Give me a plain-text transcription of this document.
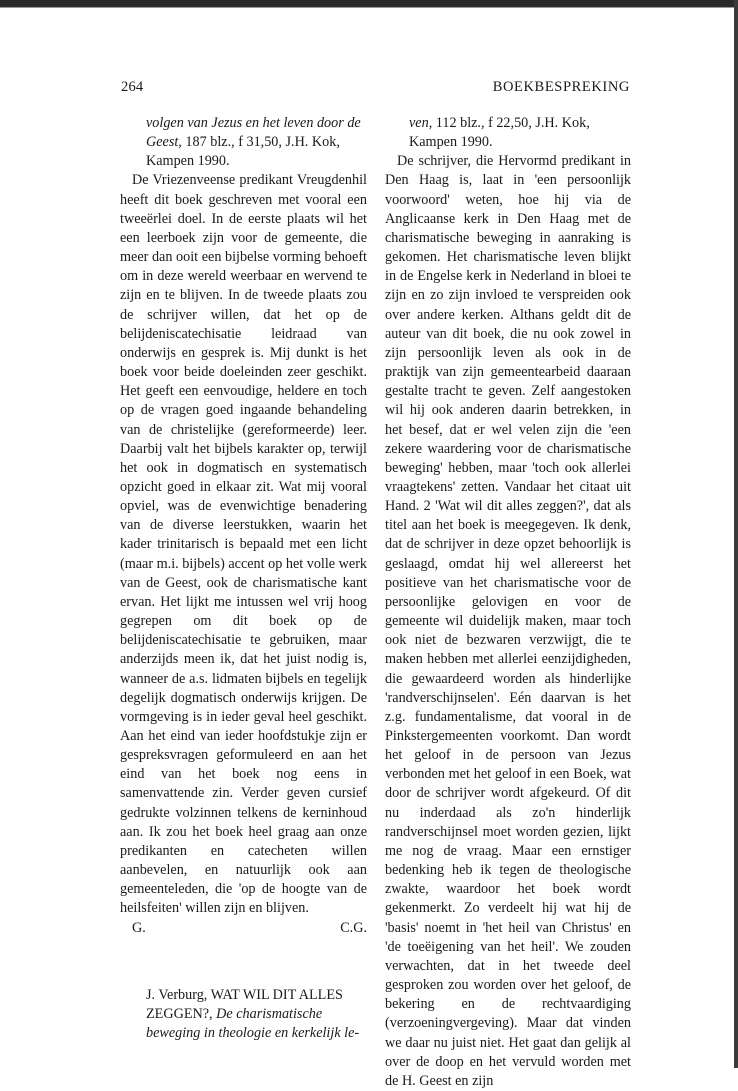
264	BOEKBESPREKING

volgen van Jezus en het leven door de Geest, 187 blz., f 31,50, J.H. Kok, Kampen 1990.

De Vriezenveense predikant Vreugdenhil heeft dit boek geschreven met vooral een tweeërlei doel. In de eerste plaats wil het een leerboek zijn voor de gemeente, die meer dan ooit een bijbelse vorming behoeft om in deze wereld weerbaar en wervend te zijn en te blijven. In de tweede plaats zou de schrijver willen, dat het op de belijdeniscatechisatie leidraad van onderwijs en gesprek is. Mij dunkt is het boek voor beide doeleinden zeer geschikt. Het geeft een eenvoudige, heldere en toch op de vragen goed ingaande behandeling van de christelijke (gereformeerde) leer. Daarbij valt het bijbels karakter op, terwijl het ook in dogmatisch en systematisch opzicht goed in elkaar zit. Wat mij vooral opviel, was de evenwichtige benadering van de diverse leerstukken, waarin het kader trinitarisch is bepaald met een licht (maar m.i. bijbels) accent op het volle werk van de Geest, ook de charismatische kant ervan. Het lijkt me intussen wel vrij hoog gegrepen om dit boek op de belijdeniscatechisatie te gebruiken, maar anderzijds meen ik, dat het juist nodig is, wanneer de a.s. lidmaten bijbels en tegelijk degelijk dogmatisch onderwijs krijgen. De vormgeving is in ieder geval heel geschikt. Aan het eind van ieder hoofdstukje zijn er gespreksvragen geformuleerd en aan het eind van het boek nog eens in samenvattende zin. Verder geven cursief gedrukte volzinnen telkens de kerninhoud aan. Ik zou het boek heel graag aan onze predikanten en catecheten willen aanbevelen, en natuurlijk ook aan gemeenteleden, die 'op de hoogte van de heilsfeiten' willen zijn en blijven.

G.	C.G.

J. Verburg, WAT WIL DIT ALLES ZEGGEN?, De charismatische beweging in theologie en kerkelijk le-

ven, 112 blz., f 22,50, J.H. Kok, Kampen 1990.

De schrijver, die Hervormd predikant in Den Haag is, laat in 'een persoonlijk voorwoord' weten, hoe hij via de Anglicaanse kerk in Den Haag met de charismatische beweging in aanraking is gekomen. Het charismatische leven blijkt in de Engelse kerk in Nederland in bloei te zijn en zo zijn invloed te verspreiden ook over andere kerken. Althans geldt dit de auteur van dit boek, die nu ook zowel in zijn persoonlijk leven als ook in de praktijk van zijn gemeentearbeid daaraan gestalte tracht te geven. Zelf aangestoken wil hij ook anderen daarin betrekken, in het besef, dat er wel velen zijn die 'een zekere waardering voor de charismatische beweging' hebben, maar 'toch ook allerlei vraagtekens' zetten. Vandaar het citaat uit Hand. 2 'Wat wil dit alles zeggen?', dat als titel aan het boek is meegegeven. Ik denk, dat de schrijver in deze opzet behoorlijk is geslaagd, omdat hij wel allereerst het positieve van het charismatische voor de persoonlijke gelovigen en voor de gemeente wil duidelijk maken, maar toch ook niet de bezwaren verzwijgt, die te maken hebben met allerlei eenzijdigheden, die gewaardeerd worden als hinderlijke 'randverschijnselen'. Eén daarvan is het z.g. fundamentalisme, dat vooral in de Pinkstergemeenten voorkomt. Dan wordt het geloof in de persoon van Jezus verbonden met het geloof in een Boek, wat door de schrijver wordt afgekeurd. Of dit nu inderdaad als zo'n hinderlijk randverschijnsel moet worden gezien, lijkt me nog de vraag. Maar een ernstiger bedenking heb ik tegen de theologische zwakte, waardoor het boek wordt gekenmerkt. Zo verdeelt hij wat hij de 'basis' noemt in 'het heil van Christus' en 'de toeëigening van het heil'. We zouden verwachten, dat in het tweede deel gesproken zou worden over het geloof, de bekering en de rechtvaardiging (verzoeningvergeving). Maar dat vinden we daar nu juist niet. Het gaat dan gelijk al over de doop en het vervuld worden met de H. Geest en zijn
